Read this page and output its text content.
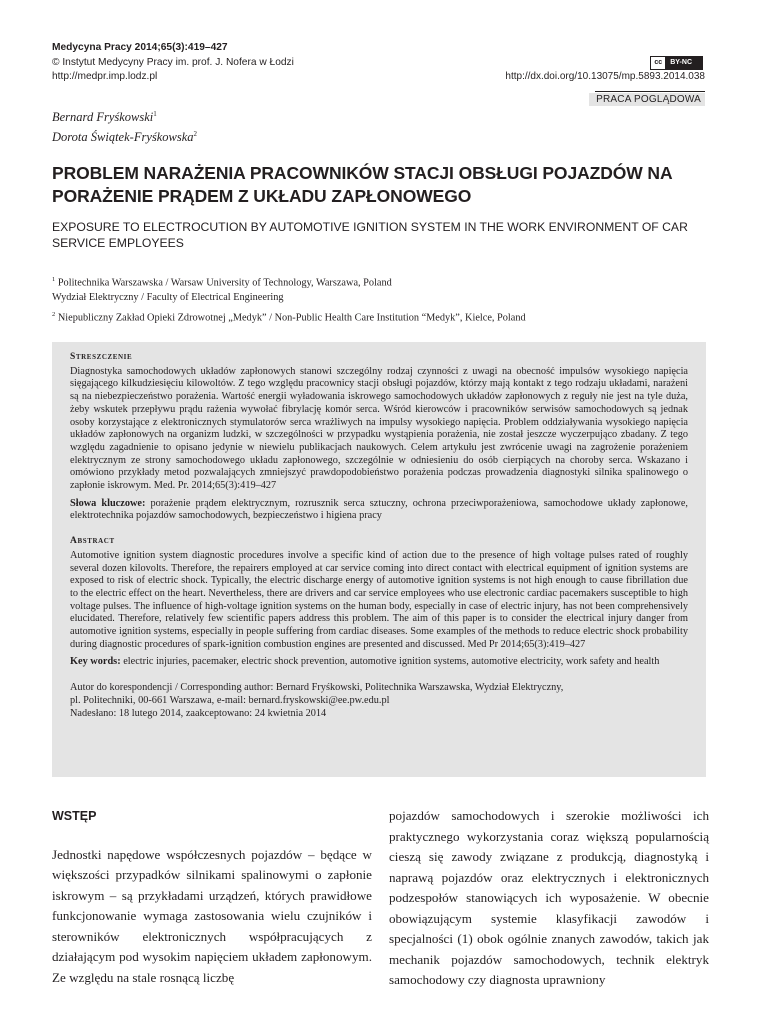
Medycyna Pracy 2014;65(3):419–427
© Instytut Medycyny Pracy im. prof. J. Nofera w Łodzi
http://medpr.imp.lodz.pl
cc	BY-NC
http://dx.doi.org/10.13075/mp.5893.2014.038
PRACA POGLĄDOWA
Bernard Fryśkowski$^1$
Dorota Świątek-Fryśkowska$^2$
PROBLEM NARAŻENIA PRACOWNIKÓW STACJI OBSŁUGI POJAZDÓW NA PORAŻENIE PRĄDEM Z UKŁADU ZAPŁONOWEGO
EXPOSURE TO ELECTROCUTION BY AUTOMOTIVE IGNITION SYSTEM IN THE WORK ENVIRONMENT OF CAR SERVICE EMPLOYEES

$^1$ Politechnika Warszawska / Warsaw University of Technology, Warszawa, Poland
Wydział Elektryczny / Faculty of Electrical Engineering

$^2$ Niepubliczny Zakład Opieki Zdrowotnej „Medyk” / Non-Public Health Care Institution “Medyk”, Kielce, Poland

Streszczenie

Diagnostyka samochodowych układów zapłonowych stanowi szczególny rodzaj czynności z uwagi na obecność impulsów wysokiego napięcia sięgającego kilkudziesięciu kilowoltów. Z tego względu pracownicy stacji obsługi pojazdów, którzy mają kontakt z tego rodzaju układami, narażeni są na niebezpieczeństwo porażenia. Wartość energii wyładowania iskrowego samochodowych układów zapłonowych z reguły nie jest na tyle duża, żeby wskutek przepływu prądu rażenia wywołać fibrylację komór serca. Wśród kierowców i pracowników serwisów samochodowych są jednak osoby korzystające z elektronicznych stymulatorów serca wrażliwych na impulsy wysokiego napięcia. Problem oddziaływania wysokiego napięcia układów zapłonowych na organizm ludzki, w szczególności w przypadku wystąpienia porażenia, nie został jeszcze wyczerpująco zbadany. Z tego względu zagadnienie to opisano jedynie w niewielu publikacjach naukowych. Celem artykułu jest zwrócenie uwagi na zagrożenie porażeniem elektrycznym ze strony samochodowego układu zapłonowego, szczególnie w odniesieniu do osób cierpiących na choroby serca. Wskazano i omówiono przykłady metod pozwalających zmniejszyć prawdopodobieństwo porażenia podczas prowadzenia diagnostyki silnika spalinowego o zapłonie iskrowym. Med. Pr. 2014;65(3):419–427

Słowa kluczowe: porażenie prądem elektrycznym, rozrusznik serca sztuczny, ochrona przeciwporażeniowa, samochodowe układy zapłonowe, elektrotechnika pojazdów samochodowych, bezpieczeństwo i higiena pracy

Abstract

Automotive ignition system diagnostic procedures involve a specific kind of action due to the presence of high voltage pulses rated of roughly several dozen kilovolts. Therefore, the repairers employed at car service coming into direct contact with electrical equipment of ignition systems are exposed to risk of electric shock. Typically, the electric discharge energy of automotive ignition systems is not high enough to cause fibrillation due to the electric effect on the heart. Nevertheless, there are drivers and car service employees who use electronic cardiac pacemakers susceptible to high voltage pulses. The influence of high-voltage ignition systems on the human body, especially in case of electric injury, has not been comprehensively elucidated. Therefore, relatively few scientific papers address this problem. The aim of this paper is to consider the electrical injury danger from automotive ignition systems, especially in people suffering from cardiac diseases. Some examples of the methods to reduce electric shock probability during diagnostic procedures of spark-ignition combustion engines are presented and discussed. Med Pr 2014;65(3):419–427

Key words: electric injuries, pacemaker, electric shock prevention, automotive ignition systems, automotive electricity, work safety and health

Autor do korespondencji / Corresponding author: Bernard Fryśkowski, Politechnika Warszawska, Wydział Elektryczny,
pl. Politechniki, 00-661 Warszawa, e-mail: bernard.fryskowski@ee.pw.edu.pl
Nadesłano: 18 lutego 2014, zaakceptowano: 24 kwietnia 2014

WSTĘP

Jednostki napędowe współczesnych pojazdów – będące w większości przypadków silnikami spalinowymi o zapłonie iskrowym – są przykładami urządzeń, których prawidłowe funkcjonowanie wymaga zastosowania wielu czujników i sterowników elektronicznych współpracujących z działającym pod wysokim napięciem układem zapłonowym. Ze względu na stale rosnącą liczbę

pojazdów samochodowych i szerokie możliwości ich praktycznego wykorzystania coraz większą popularnością cieszą się zawody związane z produkcją, diagnostyką i naprawą pojazdów oraz elektrycznych i elektronicznych podzespołów stanowiących ich wyposażenie. W obecnie obowiązującym systemie klasyfikacji zawodów i specjalności (1) obok ogólnie znanych zawodów, takich jak mechanik pojazdów samochodowych, technik elektryk samochodowy czy diagnosta uprawniony
